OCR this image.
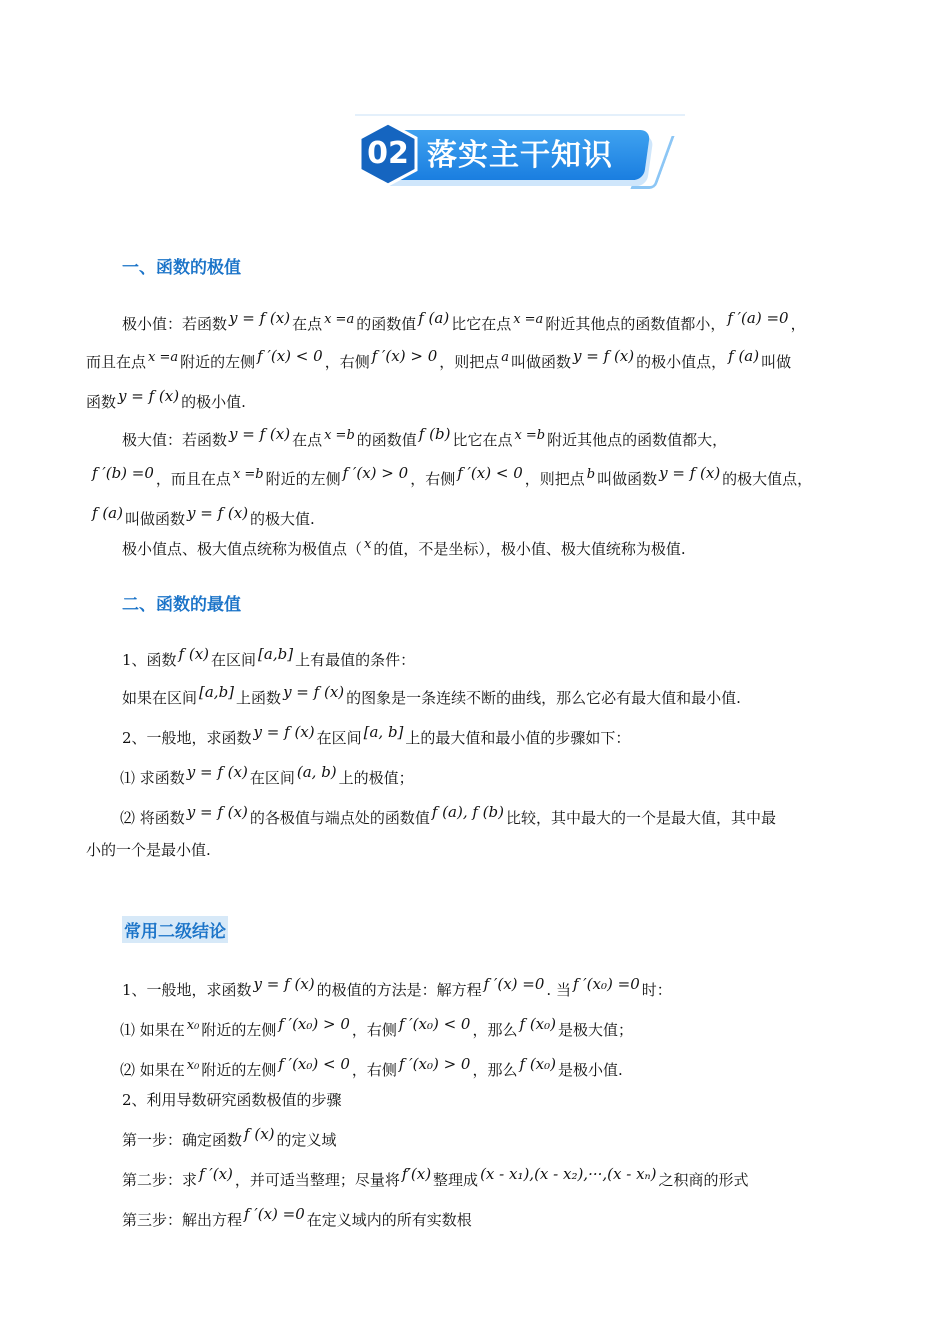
02 落实主干知识
一、函数的极值
极小值：若函数 y = f (x) 在点 x =a 的函数值 f (a) 比它在点 x =a 附近其他点的函数值都小， f ′(a) =0 ，
而且在点 x =a 附近的左侧 f ′(x) < 0 ，右侧 f ′(x) > 0 ，则把点 a 叫做函数 y = f (x) 的极小值点， f (a) 叫做
函数 y = f (x) 的极小值.
极大值：若函数 y = f (x) 在点 x =b 的函数值 f (b) 比它在点 x =b 附近其他点的函数值都大，
f ′(b) =0 ，而且在点 x =b 附近的左侧 f ′(x) > 0 ，右侧 f ′(x) < 0 ，则把点 b 叫做函数 y = f (x) 的极大值点，
f (a) 叫做函数 y = f (x) 的极大值.
极小值点、极大值点统称为极值点（ x 的值，不是坐标），极小值、极大值统称为极值.
二、函数的最值
1、函数 f (x) 在区间 [a,b] 上有最值的条件：
如果在区间 [a,b] 上函数 y = f (x) 的图象是一条连续不断的曲线，那么它必有最大值和最小值.
2、一般地，求函数 y = f (x) 在区间 [a, b] 上的最大值和最小值的步骤如下：
⑴ 求函数 y = f (x) 在区间 (a, b) 上的极值；
⑵ 将函数 y = f (x) 的各极值与端点处的函数值 f (a), f (b) 比较，其中最大的一个是最大值，其中最
小的一个是最小值.
常用二级结论
1、一般地，求函数 y = f (x) 的极值的方法是：解方程 f ′(x) =0 . 当 f ′(x₀) =0 时：
⑴ 如果在 x₀ 附近的左侧 f ′(x₀) > 0 ，右侧 f ′(x₀) < 0 ，那么 f (x₀) 是极大值；
⑵ 如果在 x₀ 附近的左侧 f ′(x₀) < 0 ，右侧 f ′(x₀) > 0 ，那么 f (x₀) 是极小值.
2、利用导数研究函数极值的步骤
第一步：确定函数 f (x) 的定义域
第二步：求 f ′(x) ，并可适当整理；尽量将 f′(x) 整理成 (x - x₁),(x - x₂),···,(x - xₙ) 之积商的形式
第三步：解出方程 f ′(x) =0 在定义域内的所有实数根
